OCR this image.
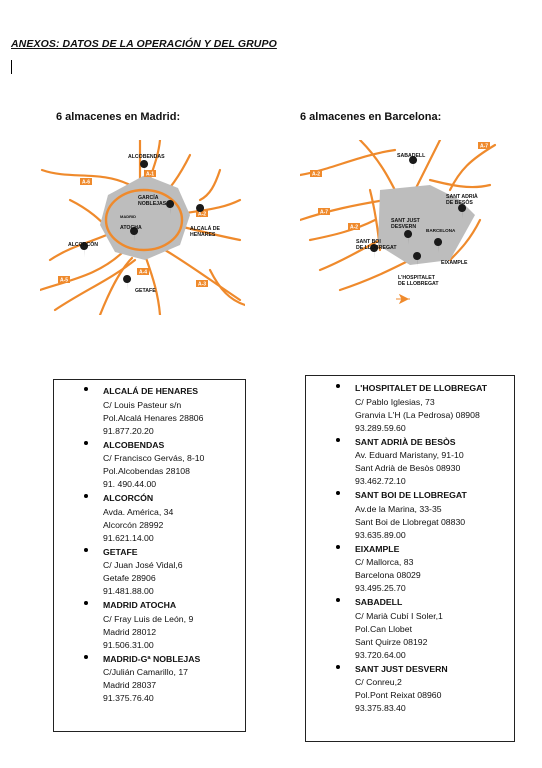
ANEXOS: DATOS DE LA OPERACIÓN Y DEL GRUPO
6 almacenes en Madrid:	6 almacenes en Barcelona:
A-1
A-2
A-3
A-4
A-5
A-6
ALCOBENDAS
GARCÍA NOBLEJAS
MADRID
ATOCHA	ALCALÁ DE HENARES
ALCORCÓN
GETAFE
A-7
A-2
A-7
A-2
SABADELL
SANT ADRIÀ DE BESÒS
SANT JUST DESVERN
BARCELONA
SANT BOI DE LLOBREGAT
EIXAMPLE
L'HOSPITALET DE LLOBREGAT
ALCALÁ DE HENARES
C/ Louis Pasteur s/n
Pol.Alcalá Henares 28806
91.877.20.20
ALCOBENDAS
C/ Francisco Gervás, 8-10
Pol.Alcobendas 28108
91. 490.44.00
ALCORCÓN
Avda. América, 34
Alcorcón 28992
91.621.14.00
GETAFE
C/ Juan José Vidal,6
Getafe 28906
91.481.88.00
MADRID ATOCHA
C/ Fray Luis de León, 9
Madrid 28012
91.506.31.00
MADRID-Gª NOBLEJAS
C/Julián Camarillo, 17
Madrid 28037
91.375.76.40
L'HOSPITALET DE LLOBREGAT
C/ Pablo Iglesias, 73
Granvia L'H (La Pedrosa) 08908
93.289.59.60
SANT ADRIÀ DE BESÒS
Av. Eduard Maristany, 91-10
Sant Adrià de Besòs 08930
93.462.72.10
SANT BOI DE LLOBREGAT
Av.de la Marina, 33-35
Sant Boi de Llobregat 08830
93.635.89.00
EIXAMPLE
C/ Mallorca, 83
Barcelona 08029
93.495.25.70
SABADELL
C/ Marià Cubí I Soler,1
Pol.Can Llobet
Sant Quirze 08192
93.720.64.00
SANT JUST DESVERN
C/ Conreu,2
Pol.Pont Reixat 08960
93.375.83.40
